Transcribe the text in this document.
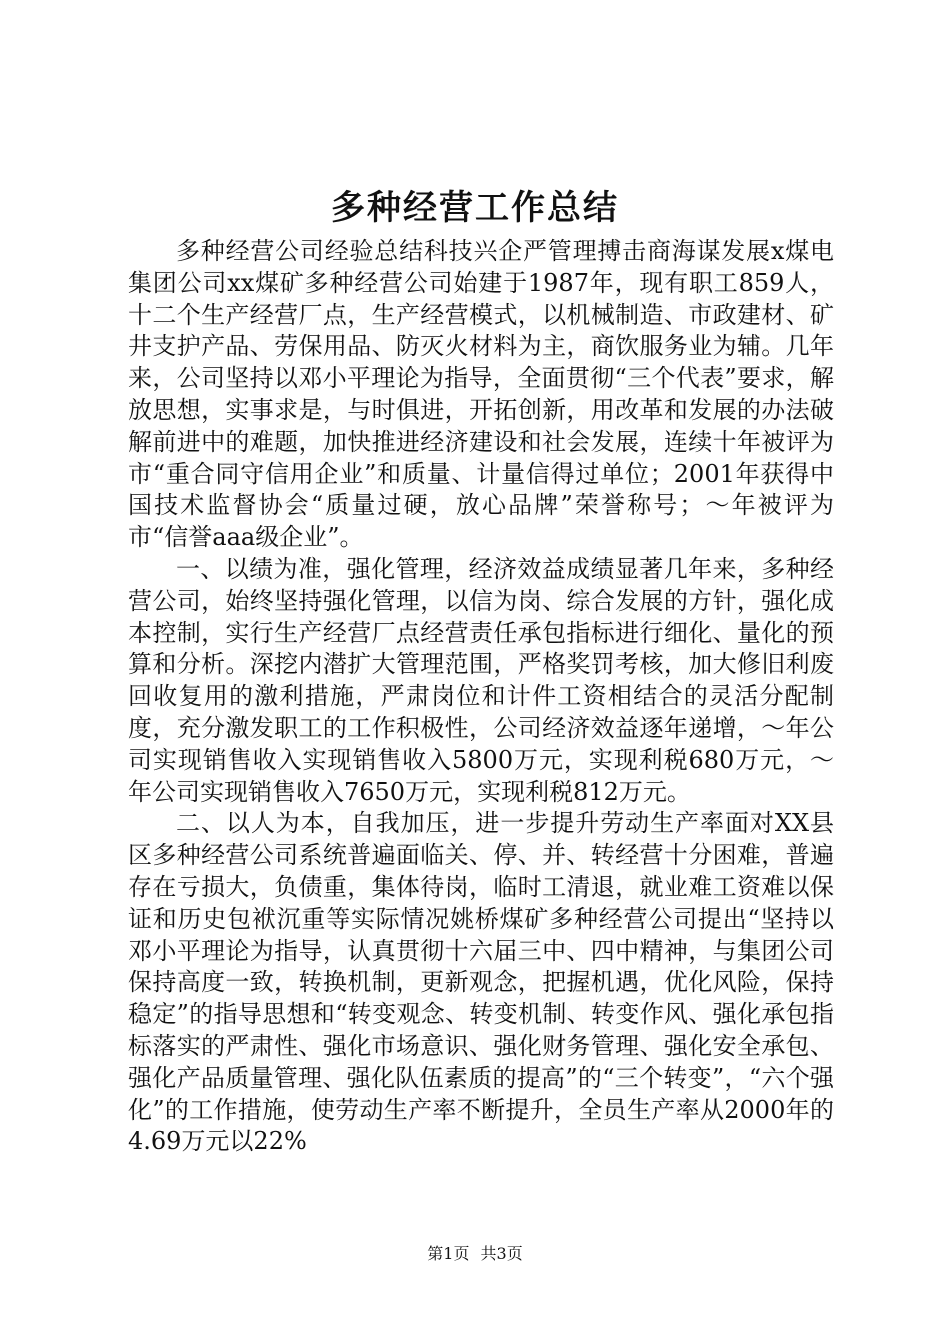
多种经营工作总结

多种经营公司经验总结科技兴企严管理搏击商海谋发展x煤电集团公司xx煤矿多种经营公司始建于1987年，现有职工859人，十二个生产经营厂点，生产经营模式，以机械制造、市政建材、矿井支护产品、劳保用品、防灭火材料为主，商饮服务业为辅。几年来，公司坚持以邓小平理论为指导，全面贯彻“三个代表”要求，解放思想，实事求是，与时俱进，开拓创新，用改革和发展的办法破解前进中的难题，加快推进经济建设和社会发展，连续十年被评为市“重合同守信用企业”和质量、计量信得过单位；2001年获得中国技术监督协会“质量过硬，放心品牌”荣誉称号；～年被评为市“信誉aaa级企业”。

一、以绩为准，强化管理，经济效益成绩显著几年来，多种经营公司，始终坚持强化管理，以信为岗、综合发展的方针，强化成本控制，实行生产经营厂点经营责任承包指标进行细化、量化的预算和分析。深挖内潜扩大管理范围，严格奖罚考核，加大修旧利废回收复用的激利措施，严肃岗位和计件工资相结合的灵活分配制度，充分激发职工的工作积极性，公司经济效益逐年递增，～年公司实现销售收入实现销售收入5800万元，实现利税680万元，～年公司实现销售收入7650万元，实现利税812万元。

二、以人为本，自我加压，进一步提升劳动生产率面对XX县区多种经营公司系统普遍面临关、停、并、转经营十分困难，普遍存在亏损大，负债重，集体待岗，临时工清退，就业难工资难以保证和历史包袱沉重等实际情况姚桥煤矿多种经营公司提出“坚持以邓小平理论为指导，认真贯彻十六届三中、四中精神，与集团公司保持高度一致，转换机制，更新观念，把握机遇，优化风险，保持稳定”的指导思想和“转变观念、转变机制、转变作风、强化承包指标落实的严肃性、强化市场意识、强化财务管理、强化安全承包、强化产品质量管理、强化队伍素质的提高”的“三个转变”，“六个强化”的工作措施，使劳动生产率不断提升，全员生产率从2000年的4.69万元以22%

第1页 共3页
